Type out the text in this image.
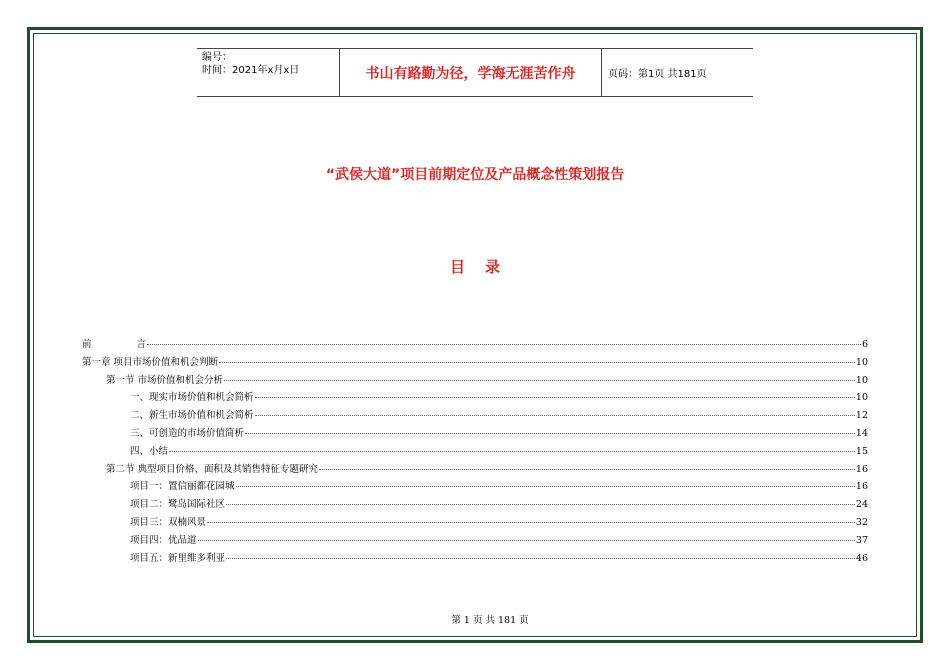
编号：
时间：2021年x月x日	书山有路勤为径，学海无涯苦作舟	页码：第1页 共181页
“武侯大道”项目前期定位及产品概念性策划报告
目录
前 言	6
第一章 项目市场价值和机会判断	10
第一节 市场价值和机会分析	10
一、现实市场价值和机会简析	10
二、新生市场价值和机会简析	12
三、可创造的市场价值简析	14
四、小结	15
第二节 典型项目价格、面积及其销售特征专题研究	16
项目一：置信丽都花园城	16
项目二：鹭岛国际社区	24
项目三：双楠风景	32
项目四：优品道	37
项目五：新里维多利亚	46
第 1 页 共 181 页
